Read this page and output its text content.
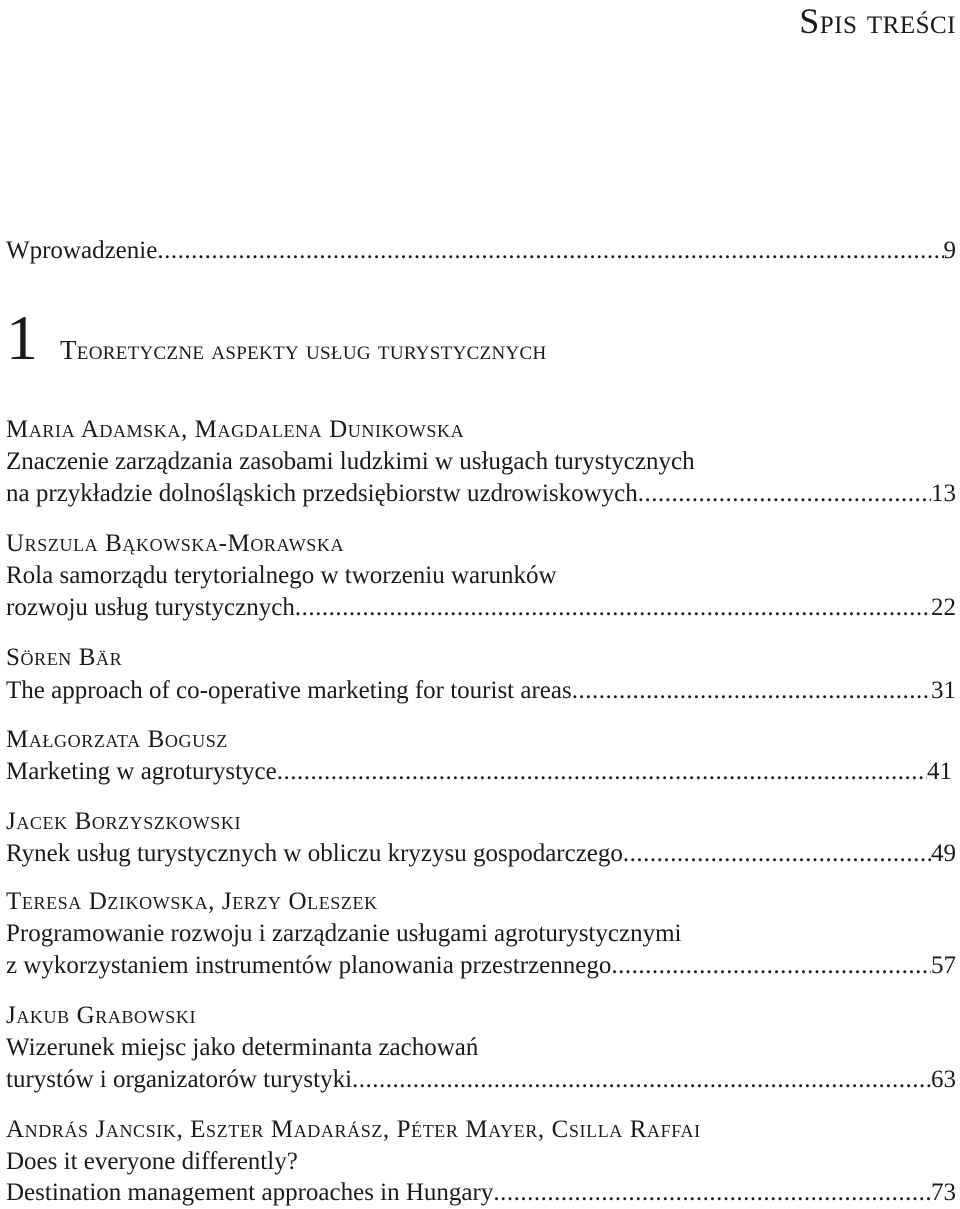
Spis treści
Wprowadzenie .....	9
1 Teoretyczne aspekty usług turystycznych
Maria Adamska, Magdalena Dunikowska
Znaczenie zarządzania zasobami ludzkimi w usługach turystycznych
na przykładzie dolnośląskich przedsiębiorstw uzdrowiskowych .....	13
Urszula Bąkowska-Morawska
Rola samorządu terytorialnego w tworzeniu warunków
rozwoju usług turystycznych .....	22
Sören Bär
The approach of co-operative marketing for tourist areas .....	31
Małgorzata Bogusz
Marketing w agroturystyce .....	41
Jacek Borzyszkowski
Rynek usług turystycznych w obliczu kryzysu gospodarczego .....	49
Teresa Dzikowska, Jerzy Oleszek
Programowanie rozwoju i zarządzanie usługami agroturystycznymi
z wykorzystaniem instrumentów planowania przestrzennego .....	57
Jakub Grabowski
Wizerunek miejsc jako determinanta zachowań
turystów i organizatorów turystyki .....	63
András Jancsik, Eszter Madarász, Péter Mayer, Csilla Raffai
Does it everyone differently?
Destination management approaches in Hungary .....	73
